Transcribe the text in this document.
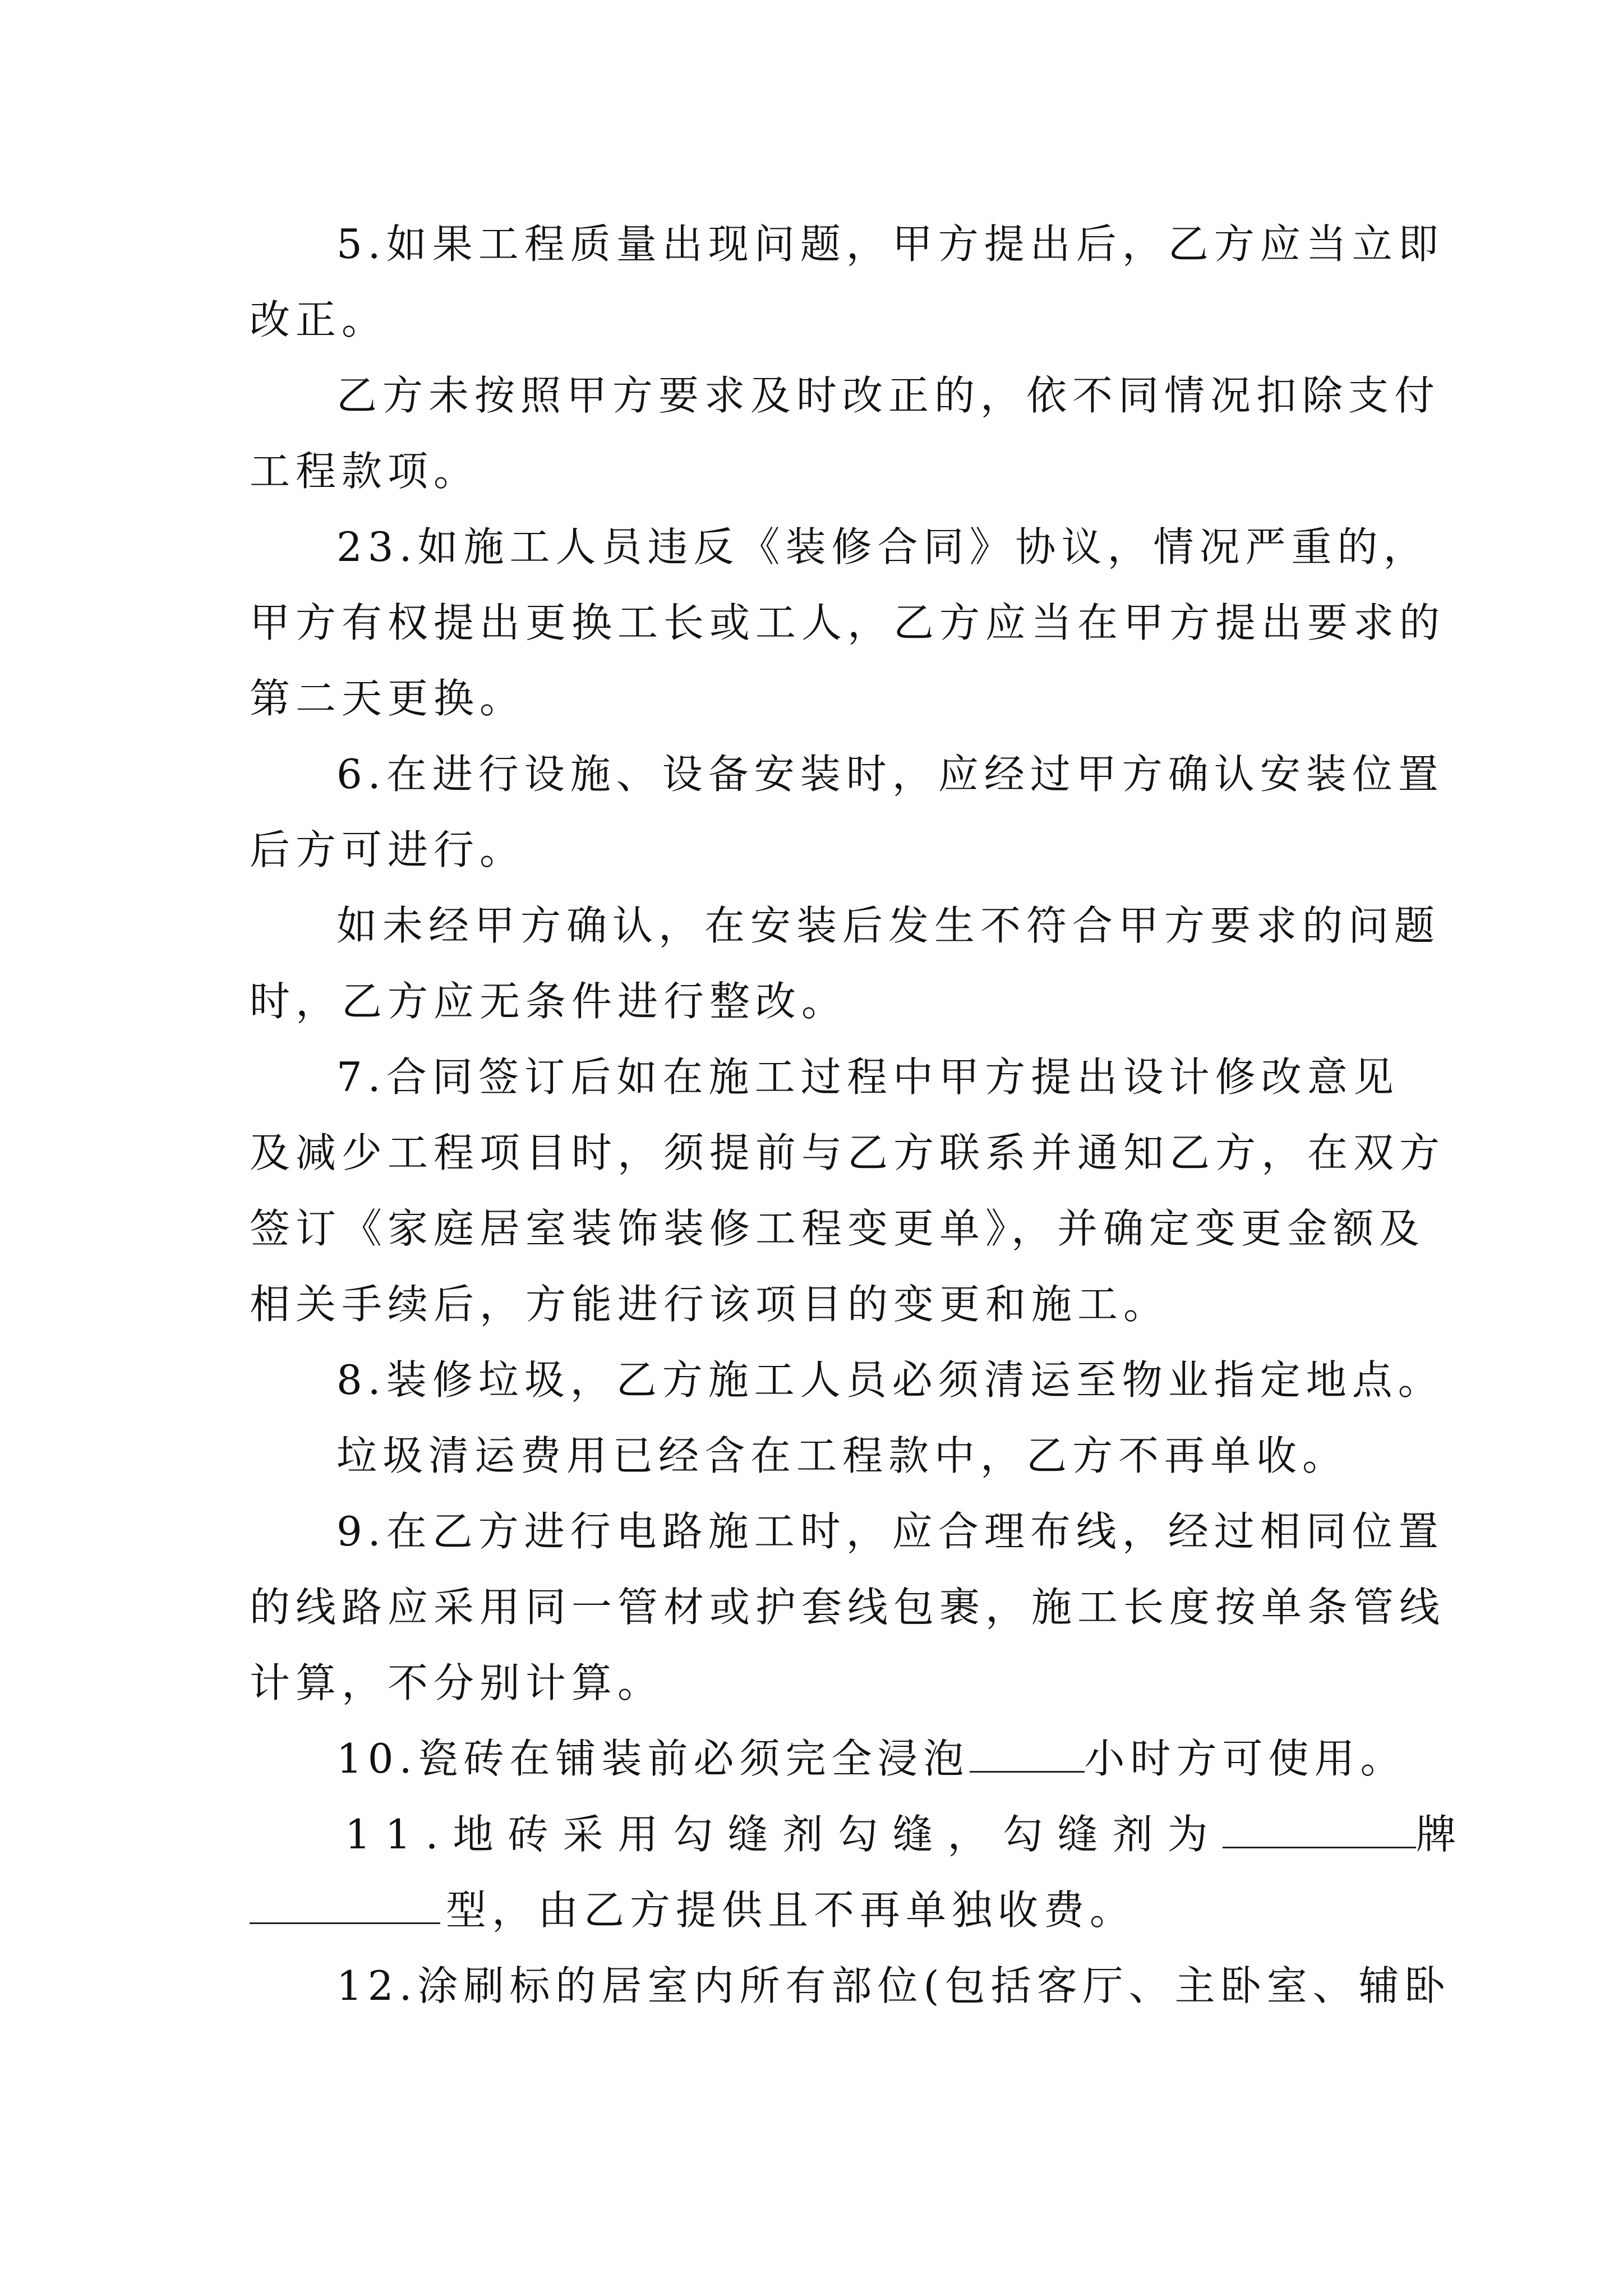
5.如果工程质量出现问题，甲方提出后，乙方应当立即
改正。
乙方未按照甲方要求及时改正的，依不同情况扣除支付
工程款项。
23.如施工人员违反《装修合同》协议，情况严重的，
甲方有权提出更换工长或工人，乙方应当在甲方提出要求的
第二天更换。
6.在进行设施、设备安装时，应经过甲方确认安装位置
后方可进行。
如未经甲方确认，在安装后发生不符合甲方要求的问题
时，乙方应无条件进行整改。
7.合同签订后如在施工过程中甲方提出设计修改意见
及减少工程项目时，须提前与乙方联系并通知乙方，在双方
签订《家庭居室装饰装修工程变更单》，并确定变更金额及
相关手续后，方能进行该项目的变更和施工。
8.装修垃圾，乙方施工人员必须清运至物业指定地点。
垃圾清运费用已经含在工程款中，乙方不再单收。
9.在乙方进行电路施工时，应合理布线，经过相同位置
的线路应采用同一管材或护套线包裹，施工长度按单条管线
计算，不分别计算。
10.瓷砖在铺装前必须完全浸泡	小时方可使用。
11.地砖采用勾缝剂勾缝，勾缝剂为	牌
型，由乙方提供且不再单独收费。
12.涂刷标的居室内所有部位(包括客厅、主卧室、辅卧
